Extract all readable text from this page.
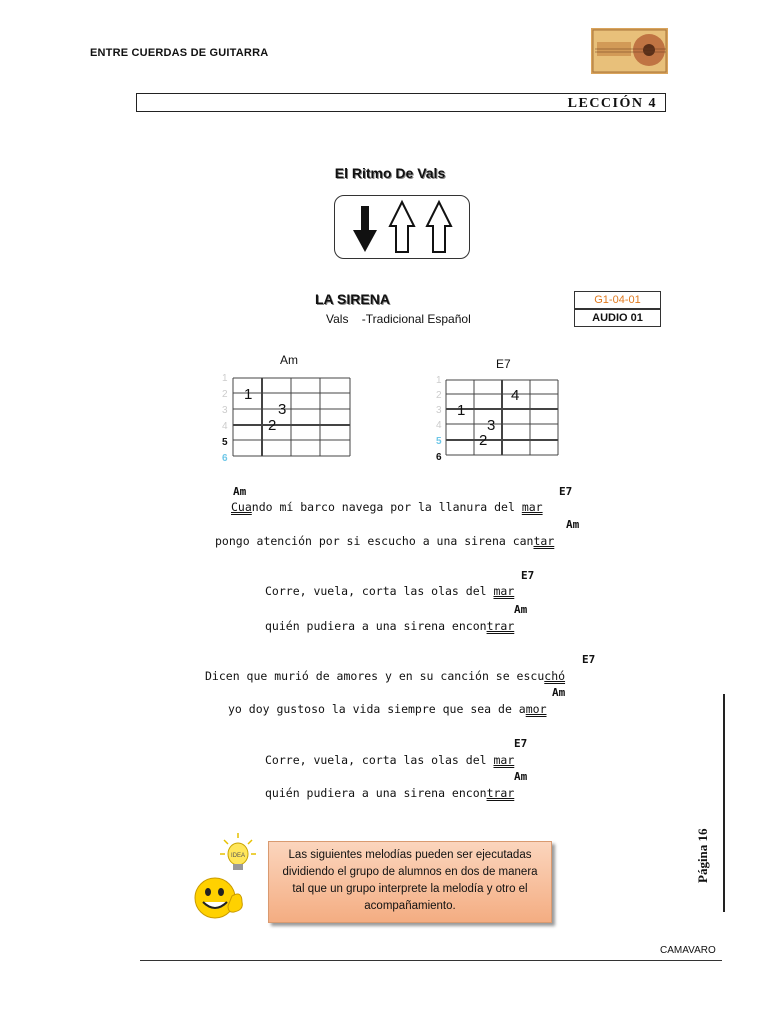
ENTRE CUERDAS DE GUITARRA
LECCIÓN 4
El Ritmo De Vals
LA SIRENA
Vals    -Tradicional Español
G1-04-01
AUDIO 01
Am
1
2
3
4
5
6
1
3
2
E7
1
2
3
4
5
6
4
1
3
2
Am	E7
Cuando mí barco navega por la llanura del mar
Am
pongo atención por si escucho a una sirena cantar
E7
Corre, vuela, corta las olas del mar
Am
quién pudiera a una sirena encontrar
E7
Dicen que murió de amores y en su canción se escuchó
Am
yo doy gustoso la vida siempre que sea de amor
E7
Corre, vuela, corta las olas del mar
Am
quién pudiera a una sirena encontrar
IDEA	Las siguientes melodías pueden ser ejecutadas dividiendo el grupo de alumnos en dos de manera tal que un grupo interprete la melodía y otro el acompañamiento.
Página 16
CAMAVARO
